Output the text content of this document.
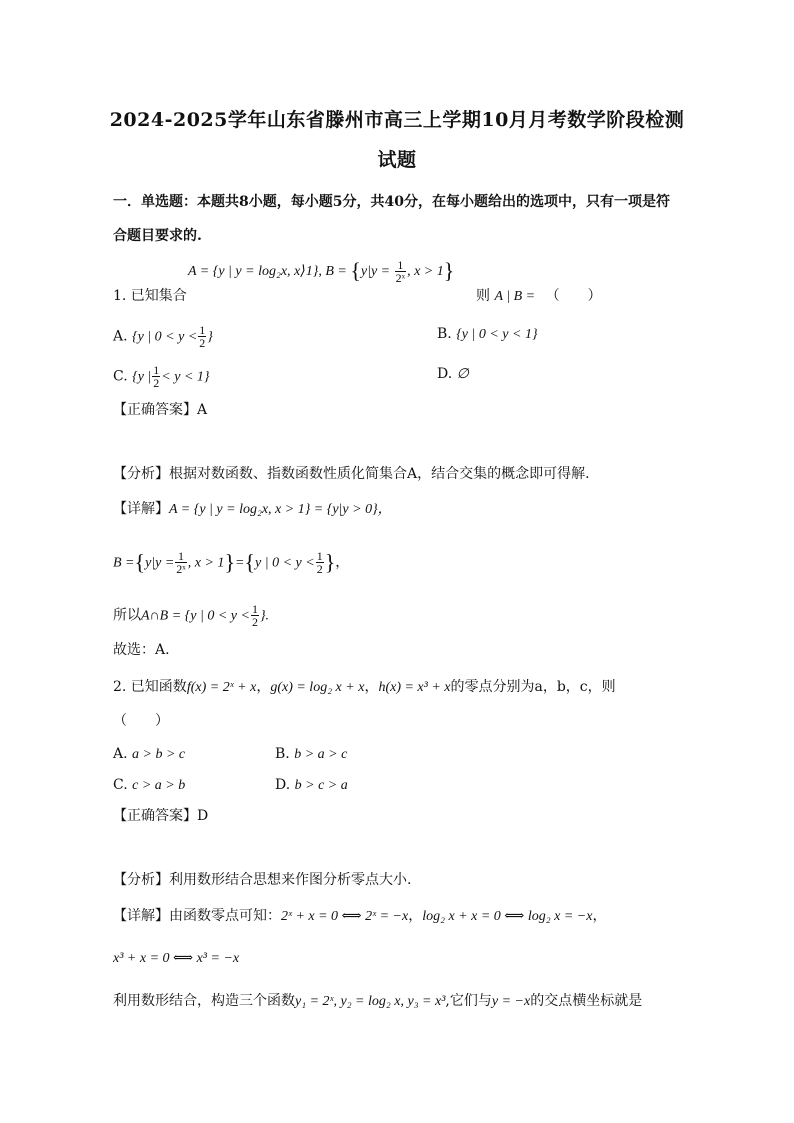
2024-2025学年山东省滕州市高三上学期10月月考数学阶段检测
试题
一．单选题：本题共8小题，每小题5分，共40分，在每小题给出的选项中，只有一项是符
合题目要求的.
A = {y | y = log₂x, x⟩1}, $B = \{y|y = \frac{1}{\text{2ˣ}}$ , x > 1}
1. 已知集合	则 A | B = （　　）
A. {y | $0 < y < \frac{1}{2}$ }	B. {y | 0 < y < 1}
C. {y | $\frac{1}{2} < y < 1$}	D. ∅
【正确答案】A
【分析】根据对数函数、指数函数性质化简集合A，结合交集的概念即可得解.
【详解】A = {y | y = log₂x, x > 1} = {y|y > 0}，
$B =\{y|y = \frac{1}{\text{2ˣ}}$ , x > 1}={y | $0 < y < \frac{1}{2}$ }，
所以A∩B = {y | $0 < y < \frac{1}{2}$ }.
故选：A.
2. 已知函数f(x) = 2ˣ + x，g(x) = log₂ x + x，h(x) = x³ + x的零点分别为a，b，c，则
（　　）
A. a > b > c	B. b > a > c
C. c > a > b	D. b > c > a
【正确答案】D
【分析】利用数形结合思想来作图分析零点大小.
【详解】由函数零点可知：2ˣ + x = 0 ⟺ 2ˣ = −x，log₂ x + x = 0 ⟺ log₂ x = −x，
x³ + x = 0 ⟺ x³ = −x
利用数形结合，构造三个函数y₁ = 2ˣ, y₂ = log₂ x, y₃ = x³,它们与y = −x的交点横坐标就是
